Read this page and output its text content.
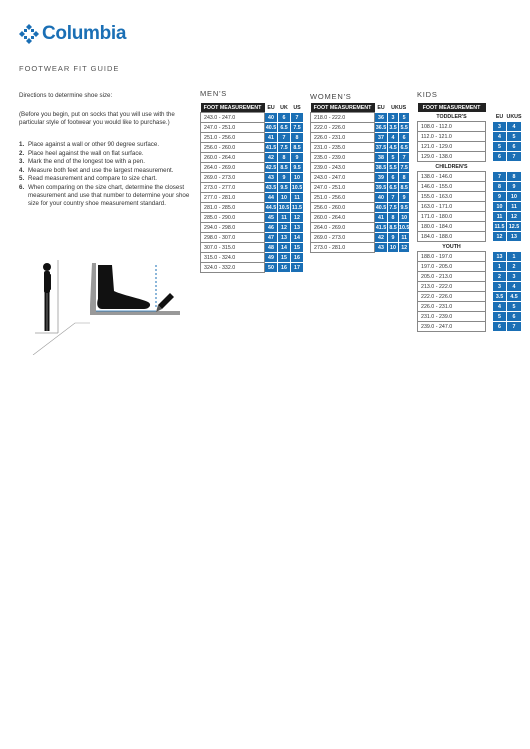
Columbia
FOOTWEAR FIT GUIDE
Directions to determine shoe size:
(Before you begin, put on socks that you will use with the particular style of footwear you would like to purchase.)
1. Place against a wall or other 90 degree surface.
2. Place heel against the wall on flat surface.
3. Mark the end of the longest toe with a pen.
4. Measure both feet and use the largest measurement.
5. Read measurement and compare to size chart.
6. When comparing on the size chart, determine the closest measurement and use that number to determine your shoe size for your country shoe measurement standard.
MEN'S	WOMEN'S	KIDS
FOOT MEASUREMENT	EU	UK	US
243.0 - 247.0	40	6	7
247.0 - 251.0	40.5	6.5	7.5
251.0 - 256.0	41	7	8
256.0 - 260.0	41.5	7.5	8.5
260.0 - 264.0	42	8	9
264.0 - 269.0	42.5	8.5	9.5
269.0 - 273.0	43	9	10
273.0 - 277.0	43.5	9.5	10.5
277.0 - 281.0	44	10	11
281.0 - 285.0	44.5	10.5	11.5
285.0 - 290.0	45	11	12
294.0 - 298.0	46	12	13
298.0 - 307.0	47	13	14
307.0 - 315.0	48	14	15
315.0 - 324.0	49	15	16
324.0 - 332.0	50	16	17
FOOT MEASUREMENT	EU	UKUS	
218.0 - 222.0	36	3	5
222.0 - 226.0	36.5	3.5	5.5
226.0 - 231.0	37	4	6
231.0 - 235.0	37.5	4.5	6.5
235.0 - 239.0	38	5	7
239.0 - 243.0	38.5	5.5	7.5
243.0 - 247.0	39	6	8
247.0 - 251.0	39.5	6.5	8.5
251.0 - 256.0	40	7	9
256.0 - 260.0	40.5	7.5	9.5
260.0 - 264.0	41	8	10
264.0 - 269.0	41.5	8.5	10.5
269.0 - 273.0	42	9	11
273.0 - 281.0	43	10	12
FOOT MEASUREMENT			
TODDLER'S		EU	UKUS
108.0 - 112.0		3	4
112.0 - 121.0		4	5
121.0 - 129.0		5	6
129.0 - 138.0		6	7
CHILDREN'S			
138.0 - 146.0		7	8
146.0 - 155.0		8	9
155.0 - 163.0		9	10
163.0 - 171.0		10	11
171.0 - 180.0		11	12
180.0 - 184.0		11.5	12.5
184.0 - 188.0		12	13
YOUTH			
188.0 - 197.0		13	1
197.0 - 205.0		1	2
205.0 - 213.0		2	3
213.0 - 222.0		3	4
222.0 - 226.0		3.5	4.5
226.0 - 231.0		4	5
231.0 - 239.0		5	6
239.0 - 247.0		6	7
